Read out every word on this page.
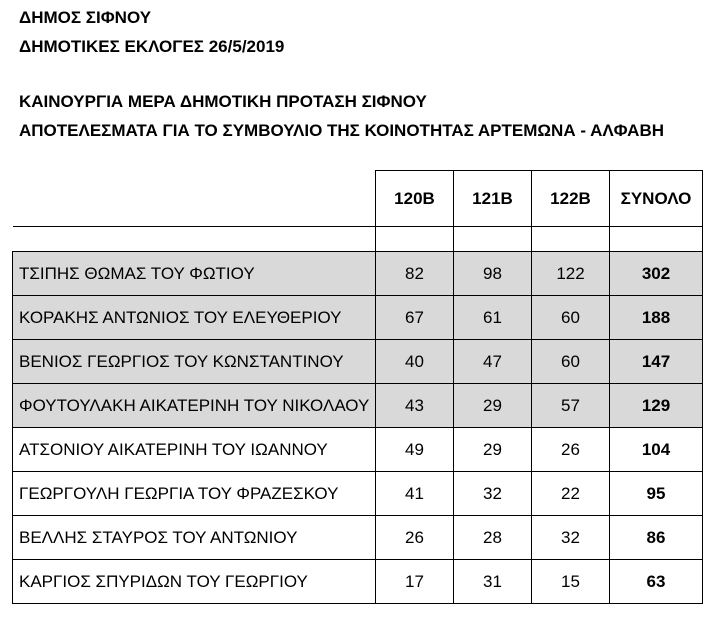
ΔΗΜΟΣ ΣΙΦΝΟΥ
ΔΗΜΟΤΙΚΕΣ ΕΚΛΟΓΕΣ 26/5/2019
ΚΑΙΝΟΥΡΓΙΑ ΜΕΡΑ ΔΗΜΟΤΙΚΗ ΠΡΟΤΑΣΗ ΣΙΦΝΟΥ
ΑΠΟΤΕΛΕΣΜΑΤΑ ΓΙΑ ΤΟ ΣΥΜΒΟΥΛΙΟ ΤΗΣ ΚΟΙΝΟΤΗΤΑΣ ΑΡΤΕΜΩΝΑ - ΑΛΦΑΒΗ
	120Β	121Β	122Β	ΣΥΝΟΛΟ

ΤΣΙΠΗΣ ΘΩΜΑΣ ΤΟΥ ΦΩΤΙΟΥ	82	98	122	302
ΚΟΡΑΚΗΣ ΑΝΤΩΝΙΟΣ ΤΟΥ ΕΛΕΥΘΕΡΙΟΥ	67	61	60	188
ΒΕΝΙΟΣ ΓΕΩΡΓΙΟΣ ΤΟΥ ΚΩΝΣΤΑΝΤΙΝΟΥ	40	47	60	147
ΦΟΥΤΟΥΛΑΚΗ ΑΙΚΑΤΕΡΙΝΗ ΤΟΥ ΝΙΚΟΛΑΟΥ	43	29	57	129
ΑΤΣΟΝΙΟΥ ΑΙΚΑΤΕΡΙΝΗ ΤΟΥ ΙΩΑΝΝΟΥ	49	29	26	104
ΓΕΩΡΓΟΥΛΗ ΓΕΩΡΓΙΑ ΤΟΥ ΦΡΑΖΕΣΚΟΥ	41	32	22	95
ΒΕΛΛΗΣ ΣΤΑΥΡΟΣ ΤΟΥ ΑΝΤΩΝΙΟΥ	26	28	32	86
ΚΑΡΓΙΟΣ ΣΠΥΡΙΔΩΝ ΤΟΥ ΓΕΩΡΓΙΟΥ	17	31	15	63
